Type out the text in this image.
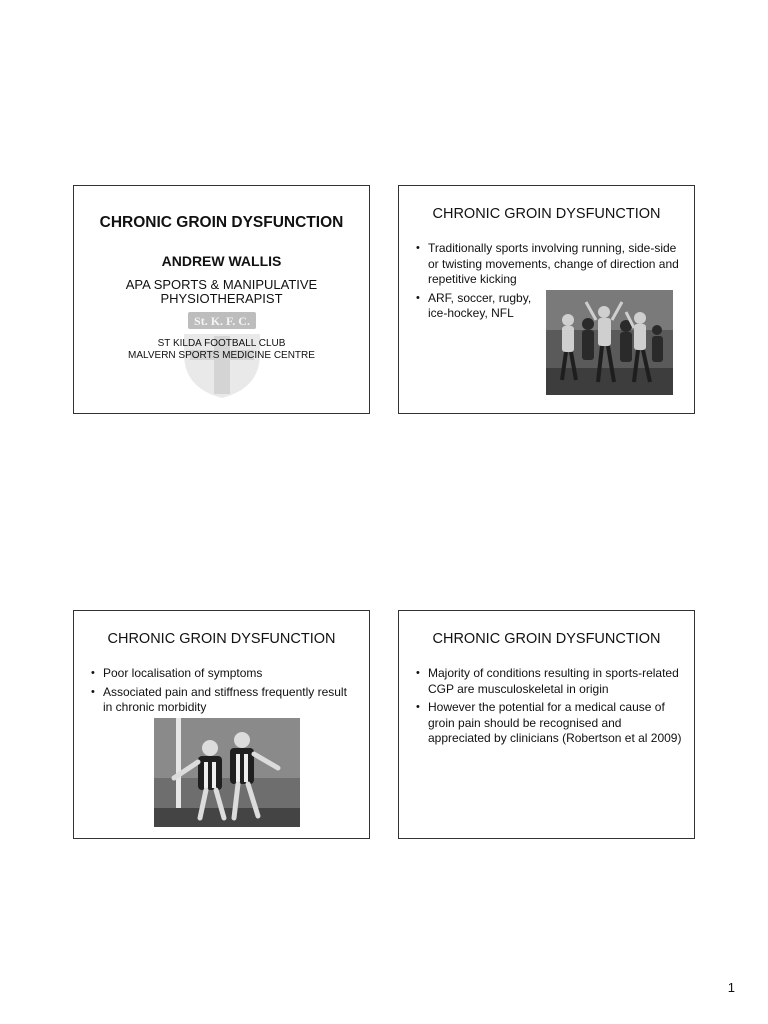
St. K. F. C.
CHRONIC GROIN DYSFUNCTION
ANDREW WALLIS
APA SPORTS & MANIPULATIVE
PHYSIOTHERAPIST
ST KILDA FOOTBALL CLUB
MALVERN SPORTS MEDICINE CENTRE
CHRONIC GROIN DYSFUNCTION
• Traditionally sports involving running, side-side or twisting movements, change of direction and repetitive kicking
• ARF, soccer, rugby, ice-hockey, NFL
CHRONIC GROIN DYSFUNCTION
• Poor localisation of symptoms
• Associated pain and stiffness frequently result in chronic morbidity
CHRONIC GROIN DYSFUNCTION
• Majority of conditions resulting in sports-related CGP are musculoskeletal in origin
• However the potential for a medical cause of groin pain should be recognised and appreciated by clinicians (Robertson et al 2009)
1
